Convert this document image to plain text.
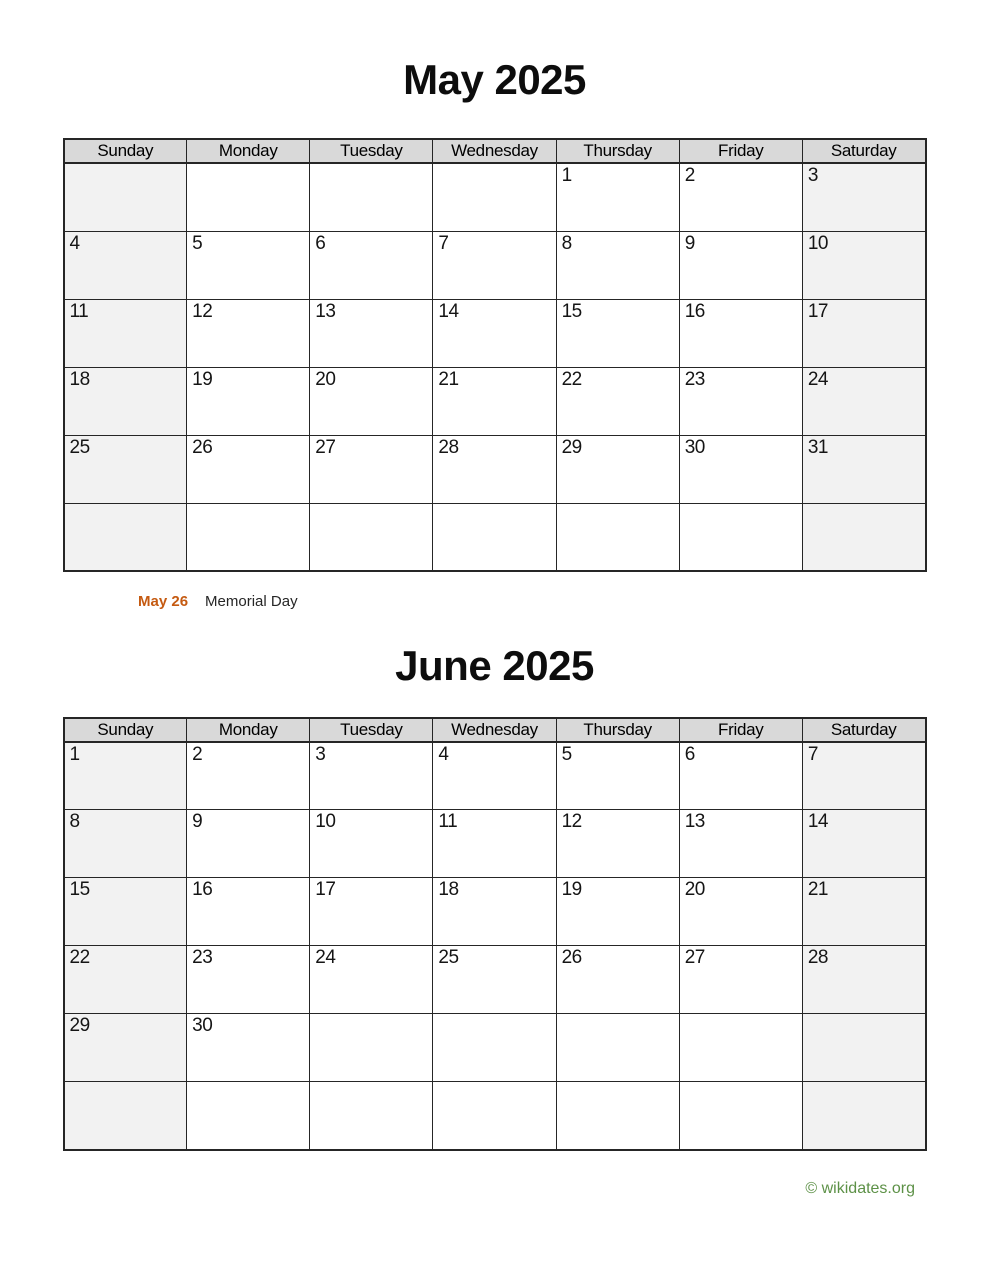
May 2025
Sunday	Monday	Tuesday	Wednesday	Thursday	Friday	Saturday
				1	2	3
4	5	6	7	8	9	10
11	12	13	14	15	16	17
18	19	20	21	22	23	24
25	26	27	28	29	30	31

May 26 Memorial Day
June 2025
Sunday	Monday	Tuesday	Wednesday	Thursday	Friday	Saturday
1	2	3	4	5	6	7
8	9	10	11	12	13	14
15	16	17	18	19	20	21
22	23	24	25	26	27	28
29	30					

© wikidates.org
